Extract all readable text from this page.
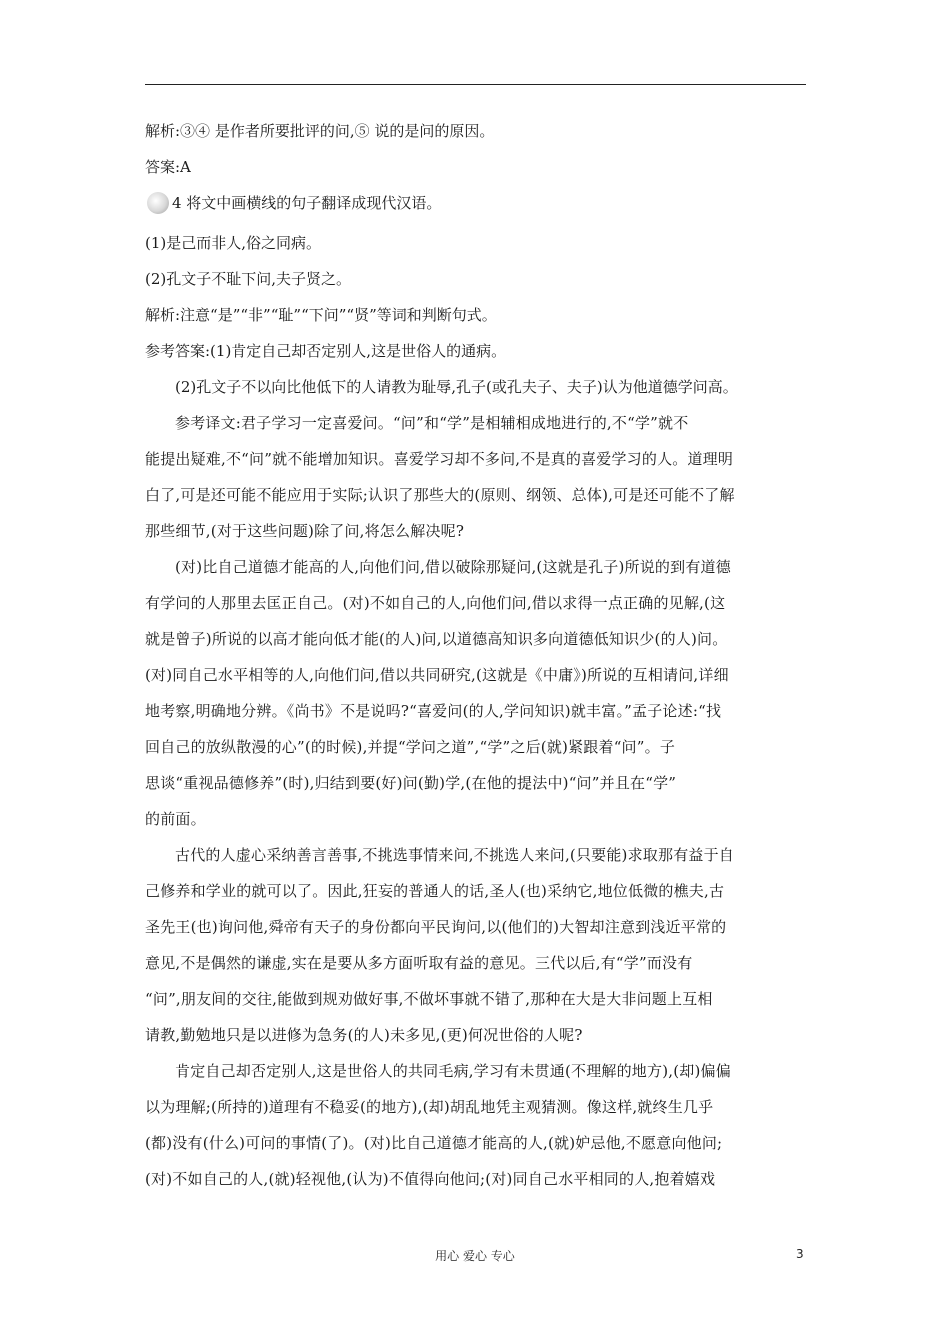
解析:③④ 是作者所要批评的问,⑤ 说的是问的原因。
答案:A
4 将文中画横线的句子翻译成现代汉语。
(1)是己而非人,俗之同病。
(2)孔文子不耻下问,夫子贤之。
解析:注意“是”“非”“耻”“下问”“贤”等词和判断句式。
参考答案:(1)肯定自己却否定别人,这是世俗人的通病。
(2)孔文子不以向比他低下的人请教为耻辱,孔子(或孔夫子、夫子)认为他道德学问高。
参考译文:君子学习一定喜爱问。“问”和“学”是相辅相成地进行的,不“学”就不
能提出疑难,不“问”就不能增加知识。喜爱学习却不多问,不是真的喜爱学习的人。道理明
白了,可是还可能不能应用于实际;认识了那些大的(原则、纲领、总体),可是还可能不了解
那些细节,(对于这些问题)除了问,将怎么解决呢?
(对)比自己道德才能高的人,向他们问,借以破除那疑问,(这就是孔子)所说的到有道德
有学问的人那里去匡正自己。(对)不如自己的人,向他们问,借以求得一点正确的见解,(这
就是曾子)所说的以高才能向低才能(的人)问,以道德高知识多向道德低知识少(的人)问。
(对)同自己水平相等的人,向他们问,借以共同研究,(这就是《中庸》)所说的互相请问,详细
地考察,明确地分辨。《尚书》不是说吗?“喜爱问(的人,学问知识)就丰富。”孟子论述:“找
回自己的放纵散漫的心”(的时候),并提“学问之道”,“学”之后(就)紧跟着“问”。子
思谈“重视品德修养”(时),归结到要(好)问(勤)学,(在他的提法中)“问”并且在“学”
的前面。
古代的人虚心采纳善言善事,不挑选事情来问,不挑选人来问,(只要能)求取那有益于自
己修养和学业的就可以了。因此,狂妄的普通人的话,圣人(也)采纳它,地位低微的樵夫,古
圣先王(也)询问他,舜帝有天子的身份都向平民询问,以(他们的)大智却注意到浅近平常的
意见,不是偶然的谦虚,实在是要从多方面听取有益的意见。三代以后,有“学”而没有
“问”,朋友间的交往,能做到规劝做好事,不做坏事就不错了,那种在大是大非问题上互相
请教,勤勉地只是以进修为急务(的人)未多见,(更)何况世俗的人呢?
肯定自己却否定别人,这是世俗人的共同毛病,学习有未贯通(不理解的地方),(却)偏偏
以为理解;(所持的)道理有不稳妥(的地方),(却)胡乱地凭主观猜测。像这样,就终生几乎
(都)没有(什么)可问的事情(了)。(对)比自己道德才能高的人,(就)妒忌他,不愿意向他问;
(对)不如自己的人,(就)轻视他,(认为)不值得向他问;(对)同自己水平相同的人,抱着嬉戏
用心 爱心 专心	3
